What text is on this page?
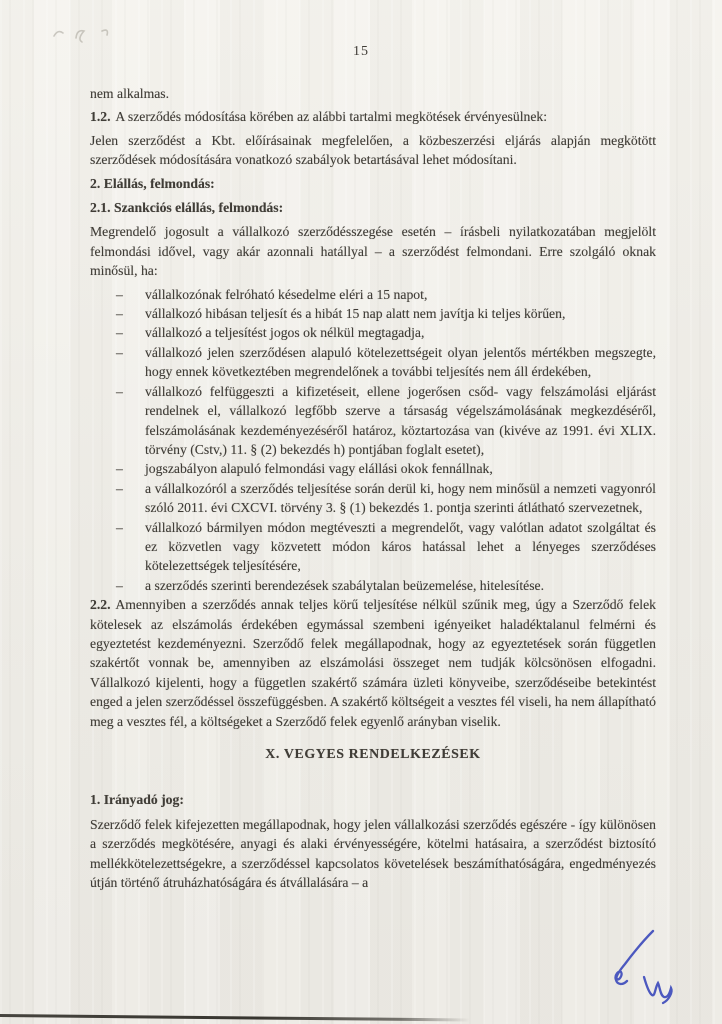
15

nem alkalmas.

1.2. A szerződés módosítása körében az alábbi tartalmi megkötések érvényesülnek:

Jelen szerződést a Kbt. előírásainak megfelelően, a közbeszerzési eljárás alapján megkötött szerződések módosítására vonatkozó szabályok betartásával lehet módosítani.

2. Elállás, felmondás:
2.1. Szankciós elállás, felmondás:

Megrendelő jogosult a vállalkozó szerződésszegése esetén – írásbeli nyilatkozatában megjelölt felmondási idővel, vagy akár azonnali hatállyal – a szerződést felmondani. Erre szolgáló oknak minősül, ha:

– vállalkozónak felróható késedelme eléri a 15 napot,
– vállalkozó hibásan teljesít és a hibát 15 nap alatt nem javítja ki teljes körűen,
– vállalkozó a teljesítést jogos ok nélkül megtagadja,
– vállalkozó jelen szerződésen alapuló kötelezettségeit olyan jelentős mértékben megszegte, hogy ennek következtében megrendelőnek a további teljesítés nem áll érdekében,
– vállalkozó felfüggeszti a kifizetéseit, ellene jogerősen csőd- vagy felszámolási eljárást rendelnek el, vállalkozó legfőbb szerve a társaság végelszámolásának megkezdéséről, felszámolásának kezdeményezéséről határoz, köztartozása van (kivéve az 1991. évi XLIX. törvény (Cstv,) 11. § (2) bekezdés h) pontjában foglalt esetet),
– jogszabályon alapuló felmondási vagy elállási okok fennállnak,
– a vállalkozóról a szerződés teljesítése során derül ki, hogy nem minősül a nemzeti vagyonról szóló 2011. évi CXCVI. törvény 3. § (1) bekezdés 1. pontja szerinti átlátható szervezetnek,
– vállalkozó bármilyen módon megtéveszti a megrendelőt, vagy valótlan adatot szolgáltat és ez közvetlen vagy közvetett módon káros hatással lehet a lényeges szerződéses kötelezettségek teljesítésére,
– a szerződés szerinti berendezések szabálytalan beüzemelése, hitelesítése.

2.2. Amennyiben a szerződés annak teljes körű teljesítése nélkül szűnik meg, úgy a Szerződő felek kötelesek az elszámolás érdekében egymással szembeni igényeiket haladéktalanul felmérni és egyeztetést kezdeményezni. Szerződő felek megállapodnak, hogy az egyeztetések során független szakértőt vonnak be, amennyiben az elszámolási összeget nem tudják kölcsönösen elfogadni. Vállalkozó kijelenti, hogy a független szakértő számára üzleti könyveibe, szerződéseibe betekintést enged a jelen szerződéssel összefüggésben. A szakértő költségeit a vesztes fél viseli, ha nem állapítható meg a vesztes fél, a költségeket a Szerződő felek egyenlő arányban viselik.

X. VEGYES RENDELKEZÉSEK
1. Irányadó jog:

Szerződő felek kifejezetten megállapodnak, hogy jelen vállalkozási szerződés egészére - így különösen a szerződés megkötésére, anyagi és alaki érvényességére, kötelmi hatásaira, a szerződést biztosító mellékkötelezettségekre, a szerződéssel kapcsolatos követelések beszámíthatóságára, engedményezés útján történő átruházhatóságára és átvállalására – a
